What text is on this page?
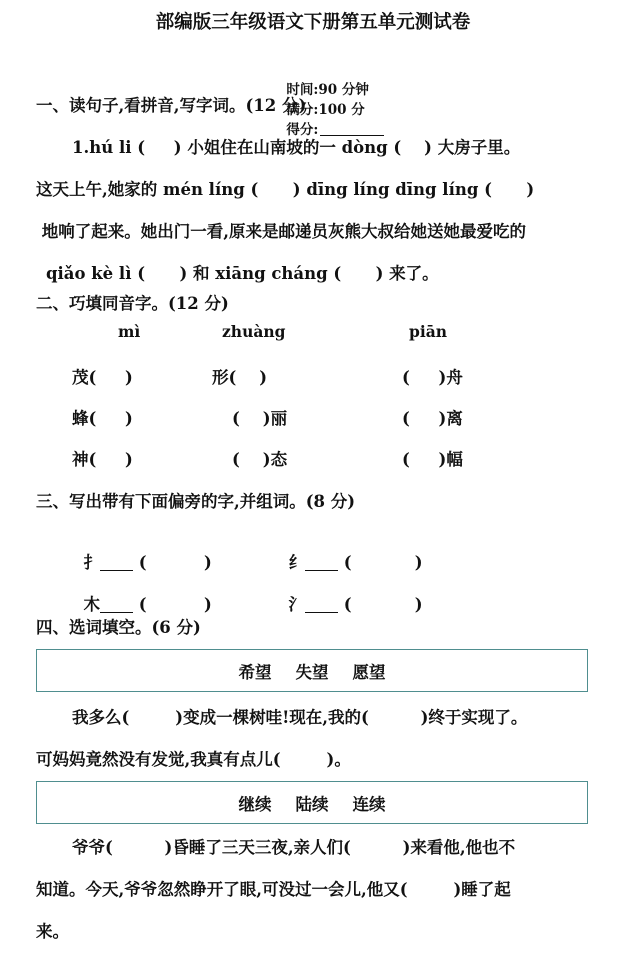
部编版三年级语文下册第五单元测试卷

时间:90 分钟
满分:100 分
得分:

一、读句子,看拼音,写字词。(12 分)
1.hú li (     ) 小姐住在山南坡的一 dòng (    ) 大房子里。
这天上午,她家的 mén líng (      ) dīng líng dīng líng (      )
地响了起来。她出门一看,原来是邮递员灰熊大叔给她送她最爱吃的
qiǎo kè lì (      ) 和 xiāng cháng (      ) 来了。
二、巧填同音字。(12 分)
mì	zhuàng	piān
茂(     )	形(    )	(     )舟
蜂(     )	(    )丽	(     )离
神(     )	(    )态	(     )幅
三、写出带有下面偏旁的字,并组词。(8 分)

扌 (          )	纟 (           )

木 (          )	氵 (           )

四、选词填空。(6 分)
希望 失望 愿望
我多么(        )变成一棵树哇!现在,我的(         )终于实现了。
可妈妈竟然没有发觉,我真有点儿(        )。
继续 陆续 连续
爷爷(         )昏睡了三天三夜,亲人们(         )来看他,他也不
知道。今天,爷爷忽然睁开了眼,可没过一会儿,他又(        )睡了起
来。
